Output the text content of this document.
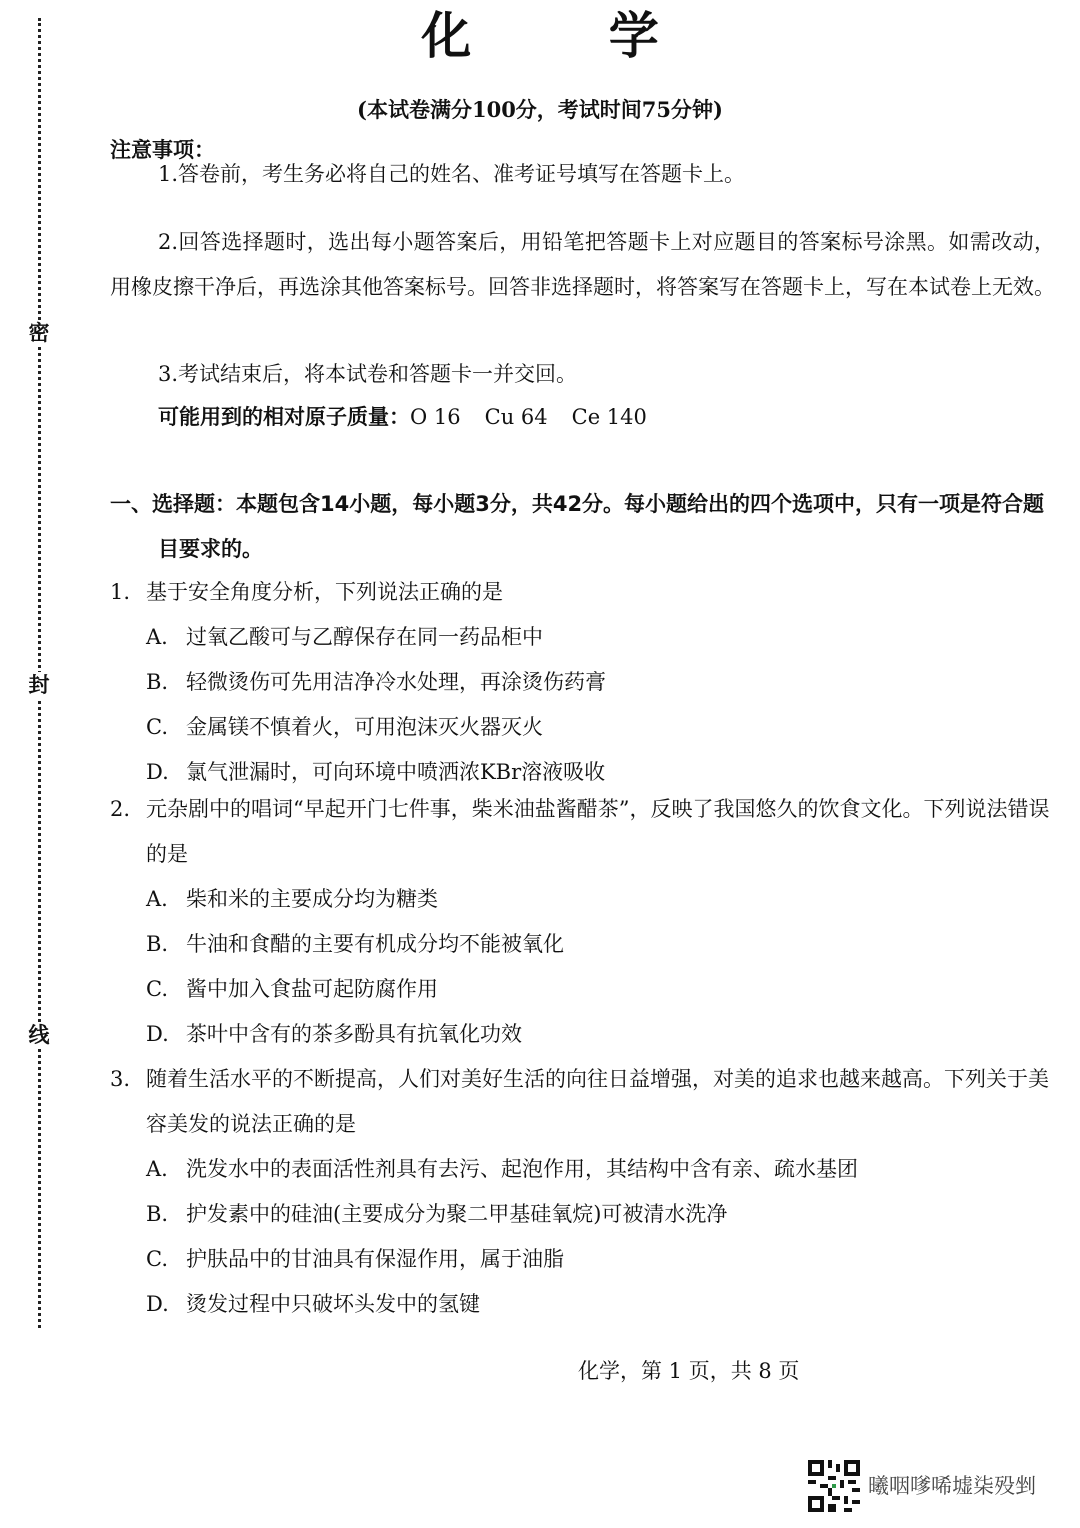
密
封
线
化 学
(本试卷满分100分，考试时间75分钟)
注意事项：
1.答卷前，考生务必将自己的姓名、准考证号填写在答题卡上。
2.回答选择题时，选出每小题答案后，用铅笔把答题卡上对应题目的答案标号涂黑。如需改动，用橡皮擦干净后，再选涂其他答案标号。回答非选择题时，将答案写在答题卡上，写在本试卷上无效。
3.考试结束后，将本试卷和答题卡一并交回。
可能用到的相对原子质量：O 16 Cu 64 Ce 140
一、选择题：本题包含14小题，每小题3分，共42分。每小题给出的四个选项中，只有一项是符合题目要求的。
1. 基于安全角度分析，下列说法正确的是
A. 过氧乙酸可与乙醇保存在同一药品柜中
B. 轻微烫伤可先用洁净冷水处理，再涂烫伤药膏
C. 金属镁不慎着火，可用泡沫灭火器灭火
D. 氯气泄漏时，可向环境中喷洒浓KBr溶液吸收
2. 元杂剧中的唱词“早起开门七件事，柴米油盐酱醋茶”，反映了我国悠久的饮食文化。下列说法错误的是
A. 柴和米的主要成分均为糖类
B. 牛油和食醋的主要有机成分均不能被氧化
C. 酱中加入食盐可起防腐作用
D. 茶叶中含有的茶多酚具有抗氧化功效
3. 随着生活水平的不断提高，人们对美好生活的向往日益增强，对美的追求也越来越高。下列关于美容美发的说法正确的是
A. 洗发水中的表面活性剂具有去污、起泡作用，其结构中含有亲、疏水基团
B. 护发素中的硅油(主要成分为聚二甲基硅氧烷)可被清水洗净
C. 护肤品中的甘油具有保湿作用，属于油脂
D. 烫发过程中只破坏头发中的氢键
化学，第 1 页，共 8 页
曦咽嗲唏墟柒殁剉
